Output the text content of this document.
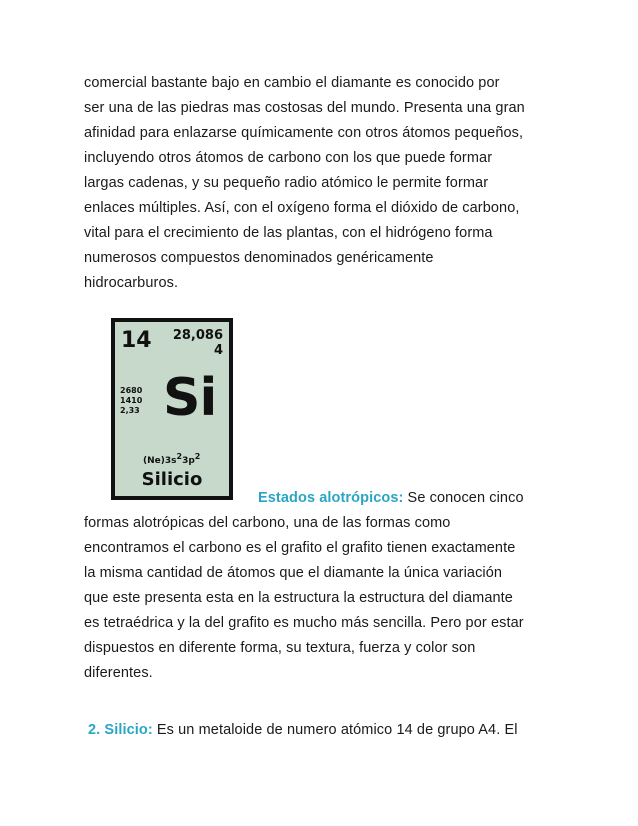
comercial bastante bajo en cambio el diamante es conocido por
ser una de las piedras mas costosas del mundo. Presenta una gran
afinidad para enlazarse químicamente con otros átomos pequeños,
incluyendo otros átomos de carbono con los que puede formar
largas cadenas, y su pequeño radio atómico le permite formar
enlaces múltiples. Así, con el oxígeno forma el dióxido de carbono,
vital para el crecimiento de las plantas, con el hidrógeno forma
numerosos compuestos denominados genéricamente
hidrocarburos.
14 28,086
4
2680
1410
2,33 Si
$(Ne)3s^23p^2$
Silicio
Estados alotrópicos: Se conocen cinco
formas alotrópicas del carbono, una de las formas como
encontramos el carbono es el grafito el grafito tienen exactamente
la misma cantidad de átomos que el diamante la única variación
que este presenta esta en la estructura la estructura del diamante
es tetraédrica y la del grafito es mucho más sencilla. Pero por estar
dispuestos en diferente forma, su textura, fuerza y color son
diferentes.
2. Silicio: Es un metaloide de numero atómico 14 de grupo A4. El
